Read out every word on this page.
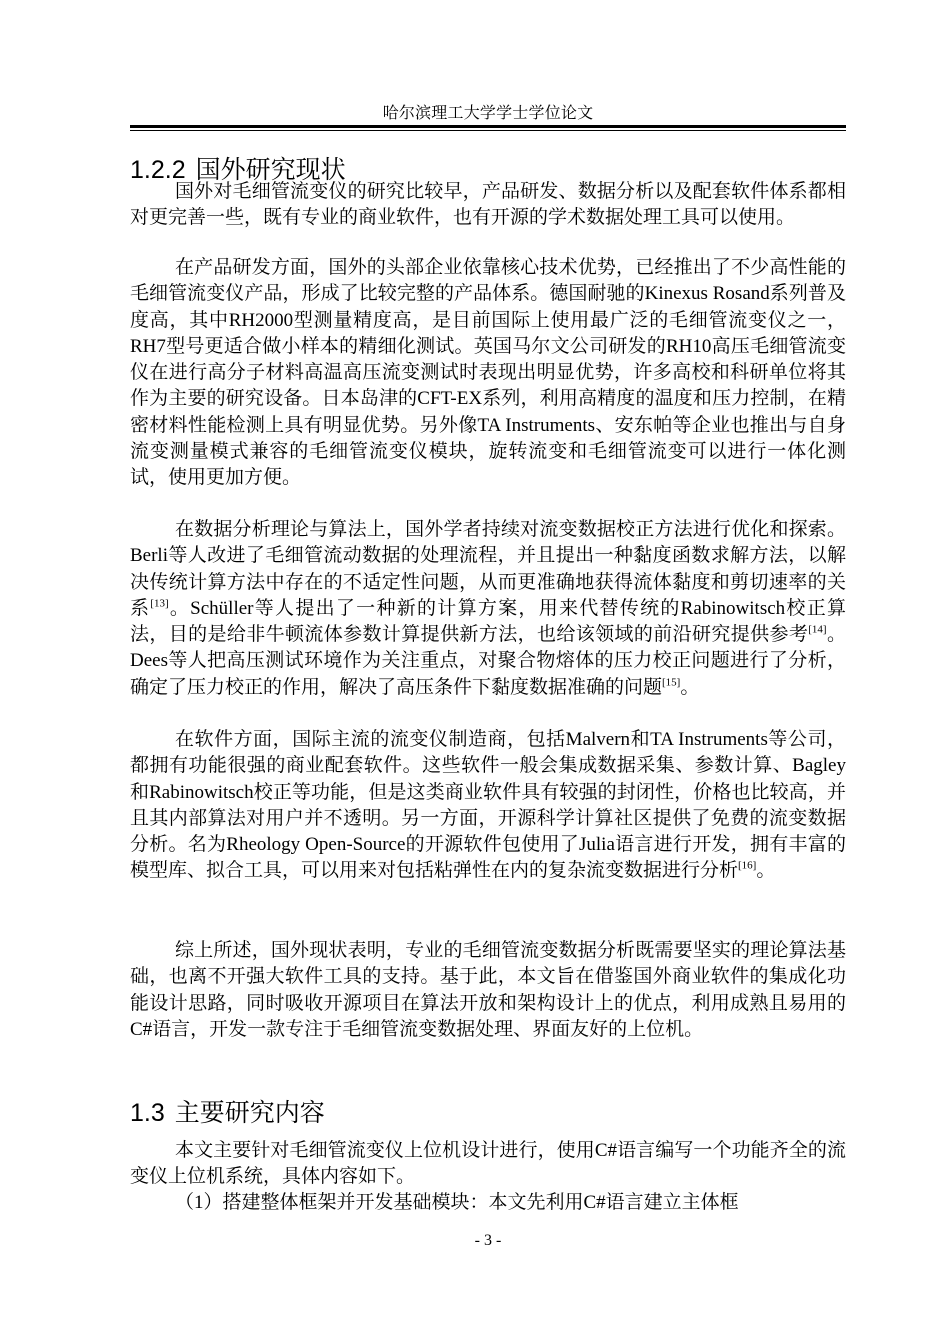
哈尔滨理工大学学士学位论文
1.2.2 国外研究现状

国外对毛细管流变仪的研究比较早，产品研发、数据分析以及配套软件体系都相对更完善一些，既有专业的商业软件，也有开源的学术数据处理工具可以使用。

在产品研发方面，国外的头部企业依靠核心技术优势，已经推出了不少高性能的毛细管流变仪产品，形成了比较完整的产品体系。德国耐驰的Kinexus Rosand系列普及度高，其中RH2000型测量精度高，是目前国际上使用最广泛的毛细管流变仪之一，RH7型号更适合做小样本的精细化测试。英国马尔文公司研发的RH10高压毛细管流变仪在进行高分子材料高温高压流变测试时表现出明显优势，许多高校和科研单位将其作为主要的研究设备。日本岛津的CFT-EX系列，利用高精度的温度和压力控制，在精密材料性能检测上具有明显优势。另外像TA Instruments、安东帕等企业也推出与自身流变测量模式兼容的毛细管流变仪模块，旋转流变和毛细管流变可以进行一体化测试，使用更加方便。

在数据分析理论与算法上，国外学者持续对流变数据校正方法进行优化和探索。Berli等人改进了毛细管流动数据的处理流程，并且提出一种黏度函数求解方法，以解决传统计算方法中存在的不适定性问题，从而更准确地获得流体黏度和剪切速率的关系[13]。Schüller等人提出了一种新的计算方案，用来代替传统的Rabinowitsch校正算法，目的是给非牛顿流体参数计算提供新方法，也给该领域的前沿研究提供参考[14]。Dees等人把高压测试环境作为关注重点，对聚合物熔体的压力校正问题进行了分析，确定了压力校正的作用，解决了高压条件下黏度数据准确的问题[15]。

在软件方面，国际主流的流变仪制造商，包括Malvern和TA Instruments等公司，都拥有功能很强的商业配套软件。这些软件一般会集成数据采集、参数计算、Bagley和Rabinowitsch校正等功能，但是这类商业软件具有较强的封闭性，价格也比较高，并且其内部算法对用户并不透明。另一方面，开源科学计算社区提供了免费的流变数据分析。名为Rheology Open-Source的开源软件包使用了Julia语言进行开发，拥有丰富的模型库、拟合工具，可以用来对包括粘弹性在内的复杂流变数据进行分析[16]。

综上所述，国外现状表明，专业的毛细管流变数据分析既需要坚实的理论算法基础，也离不开强大软件工具的支持。基于此，本文旨在借鉴国外商业软件的集成化功能设计思路，同时吸收开源项目在算法开放和架构设计上的优点，利用成熟且易用的C#语言，开发一款专注于毛细管流变数据处理、界面友好的上位机。

1.3 主要研究内容

本文主要针对毛细管流变仪上位机设计进行，使用C#语言编写一个功能齐全的流变仪上位机系统，具体内容如下。

（1）搭建整体框架并开发基础模块：本文先利用C#语言建立主体框

- 3 -
